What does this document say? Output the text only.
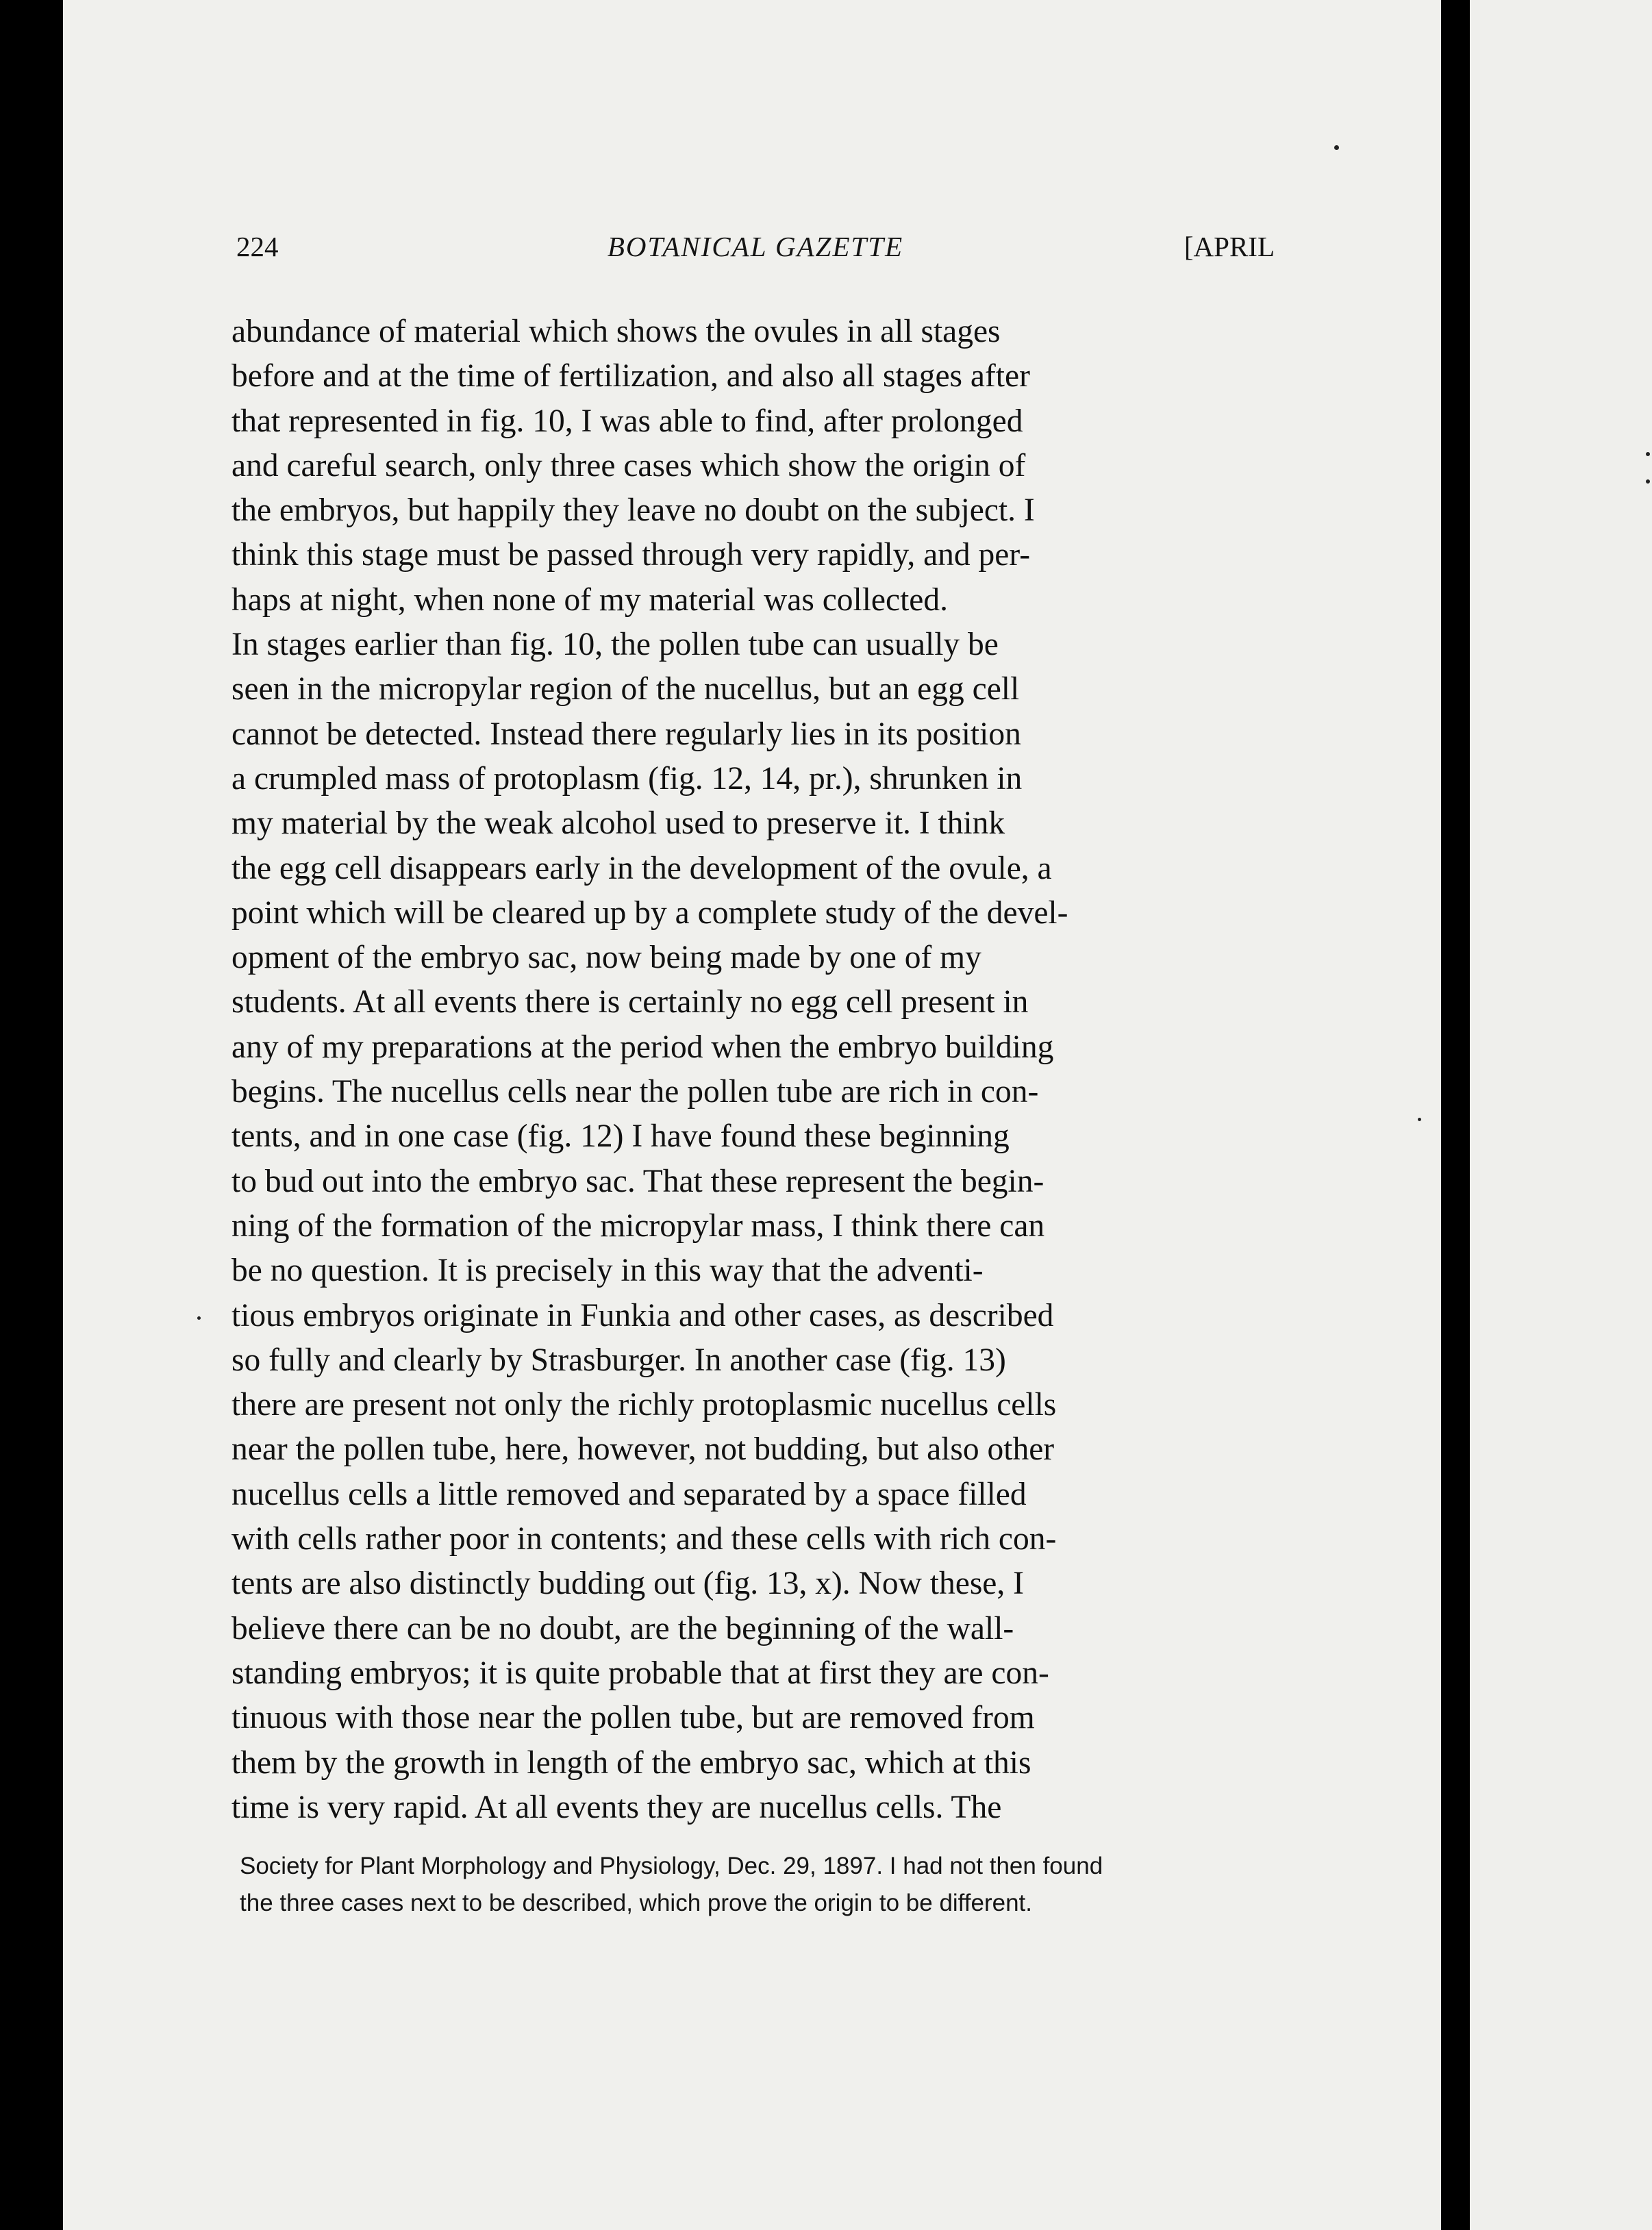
224	BOTANICAL GAZETTE	[APRIL

abundance of material which shows the ovules in all stages
before and at the time of fertilization, and also all stages after
that represented in fig. 10, I was able to find, after prolonged
and careful search, only three cases which show the origin of
the embryos, but happily they leave no doubt on the subject. I
think this stage must be passed through very rapidly, and per-
haps at night, when none of my material was collected.
In stages earlier than fig. 10, the pollen tube can usually be
seen in the micropylar region of the nucellus, but an egg cell
cannot be detected. Instead there regularly lies in its position
a crumpled mass of protoplasm (fig. 12, 14, pr.), shrunken in
my material by the weak alcohol used to preserve it. I think
the egg cell disappears early in the development of the ovule, a
point which will be cleared up by a complete study of the devel-
opment of the embryo sac, now being made by one of my
students. At all events there is certainly no egg cell present in
any of my preparations at the period when the embryo building
begins. The nucellus cells near the pollen tube are rich in con-
tents, and in one case (fig. 12) I have found these beginning
to bud out into the embryo sac. That these represent the begin-
ning of the formation of the micropylar mass, I think there can
be no question. It is precisely in this way that the adventi-
tious embryos originate in Funkia and other cases, as described
so fully and clearly by Strasburger. In another case (fig. 13)
there are present not only the richly protoplasmic nucellus cells
near the pollen tube, here, however, not budding, but also other
nucellus cells a little removed and separated by a space filled
with cells rather poor in contents; and these cells with rich con-
tents are also distinctly budding out (fig. 13, x). Now these, I
believe there can be no doubt, are the beginning of the wall-
standing embryos; it is quite probable that at first they are con-
tinuous with those near the pollen tube, but are removed from
them by the growth in length of the embryo sac, which at this
time is very rapid. At all events they are nucellus cells. The

Society for Plant Morphology and Physiology, Dec. 29, 1897. I had not then found
the three cases next to be described, which prove the origin to be different.
